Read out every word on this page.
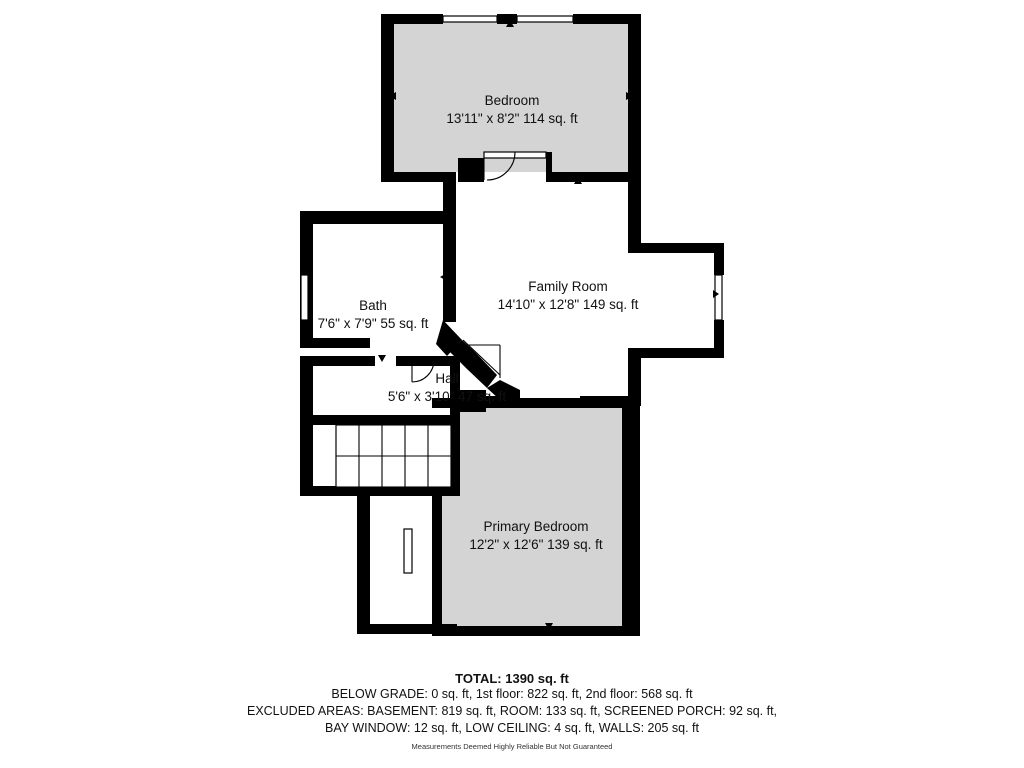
Bedroom
13'11" x 8'2" 114 sq. ft
Family Room
14'10" x 12'8" 149 sq. ft
Bath
7'6" x 7'9" 55 sq. ft
Hall
5'6" x 3'10" 47 sq. ft
Primary Bedroom
12'2" x 12'6" 139 sq. ft
TOTAL: 1390 sq. ft
BELOW GRADE: 0 sq. ft, 1st floor: 822 sq. ft, 2nd floor: 568 sq. ft
EXCLUDED AREAS: BASEMENT: 819 sq. ft, ROOM: 133 sq. ft, SCREENED PORCH: 92 sq. ft,
BAY WINDOW: 12 sq. ft, LOW CEILING: 4 sq. ft, WALLS: 205 sq. ft
Measurements Deemed Highly Reliable But Not Guaranteed
